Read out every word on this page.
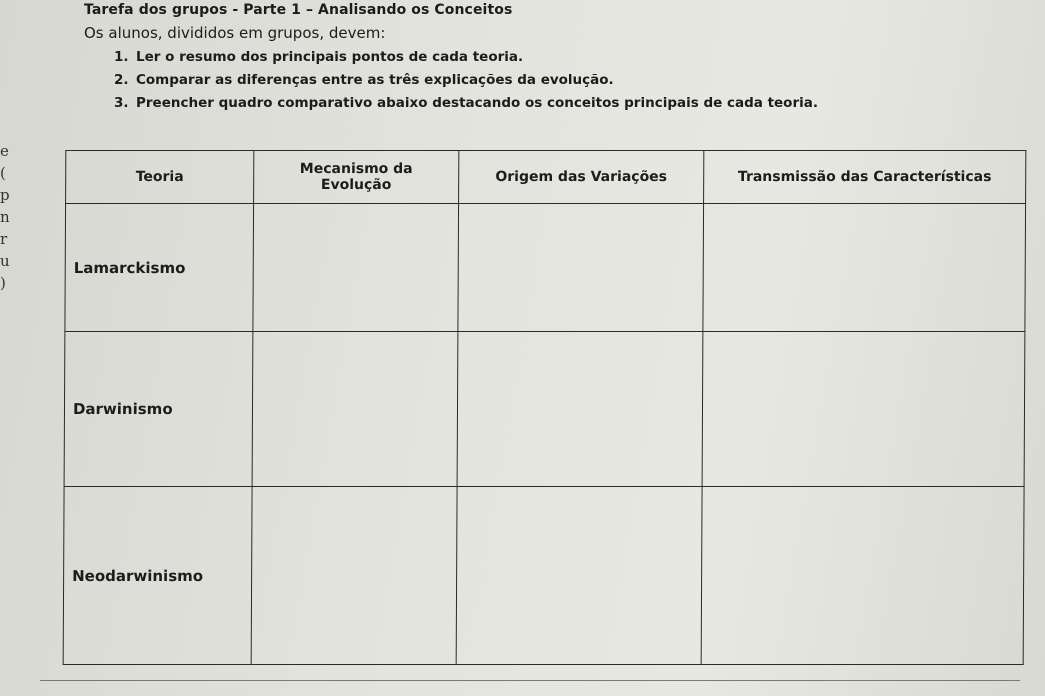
e
(
p
n
r
u
)
Tarefa dos grupos - Parte 1 – Analisando os Conceitos
Os alunos, divididos em grupos, devem:
1. Ler o resumo dos principais pontos de cada teoria.
2. Comparar as diferenças entre as três explicações da evolução.
3. Preencher quadro comparativo abaixo destacando os conceitos principais de cada teoria.
Teoria	Mecanismo da Evolução	Origem das Variações	Transmissão das Características
Lamarckismo			
Darwinismo			
Neodarwinismo			
